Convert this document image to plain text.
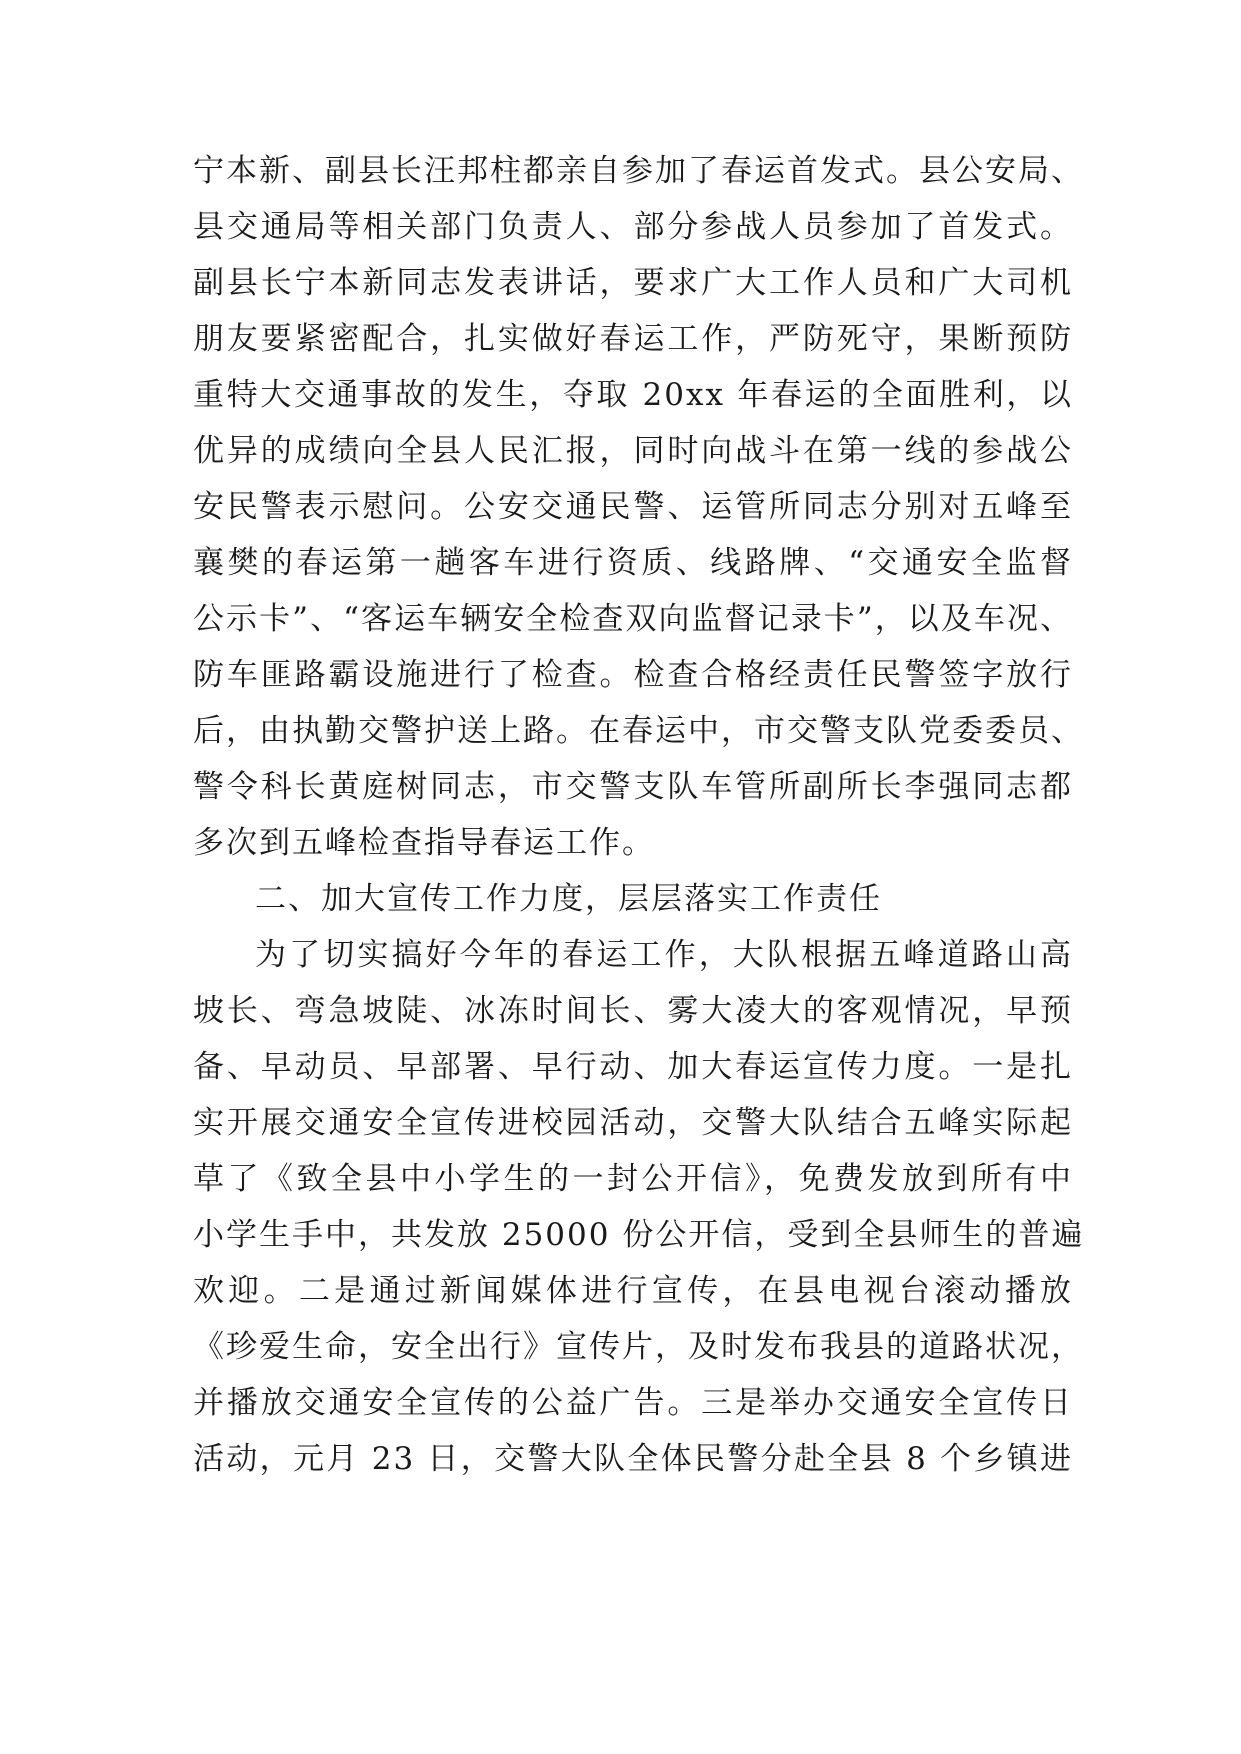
宁本新、副县长汪邦柱都亲自参加了春运首发式。县公安局、
县交通局等相关部门负责人、部分参战人员参加了首发式。
副县长宁本新同志发表讲话，要求广大工作人员和广大司机
朋友要紧密配合，扎实做好春运工作，严防死守，果断预防
重特大交通事故的发生，夺取 20xx 年春运的全面胜利，以
优异的成绩向全县人民汇报，同时向战斗在第一线的参战公
安民警表示慰问。公安交通民警、运管所同志分别对五峰至
襄樊的春运第一趟客车进行资质、线路牌、“交通安全监督
公示卡”、“客运车辆安全检查双向监督记录卡”，以及车况、
防车匪路霸设施进行了检查。检查合格经责任民警签字放行
后，由执勤交警护送上路。在春运中，市交警支队党委委员、
警令科长黄庭树同志，市交警支队车管所副所长李强同志都
多次到五峰检查指导春运工作。
二、加大宣传工作力度，层层落实工作责任
为了切实搞好今年的春运工作，大队根据五峰道路山高
坡长、弯急坡陡、冰冻时间长、雾大凌大的客观情况，早预
备、早动员、早部署、早行动、加大春运宣传力度。一是扎
实开展交通安全宣传进校园活动，交警大队结合五峰实际起
草了《致全县中小学生的一封公开信》，免费发放到所有中
小学生手中，共发放 25000 份公开信，受到全县师生的普遍
欢迎。二是通过新闻媒体进行宣传，在县电视台滚动播放
《珍爱生命，安全出行》宣传片，及时发布我县的道路状况，
并播放交通安全宣传的公益广告。三是举办交通安全宣传日
活动，元月 23 日，交警大队全体民警分赴全县 8 个乡镇进
